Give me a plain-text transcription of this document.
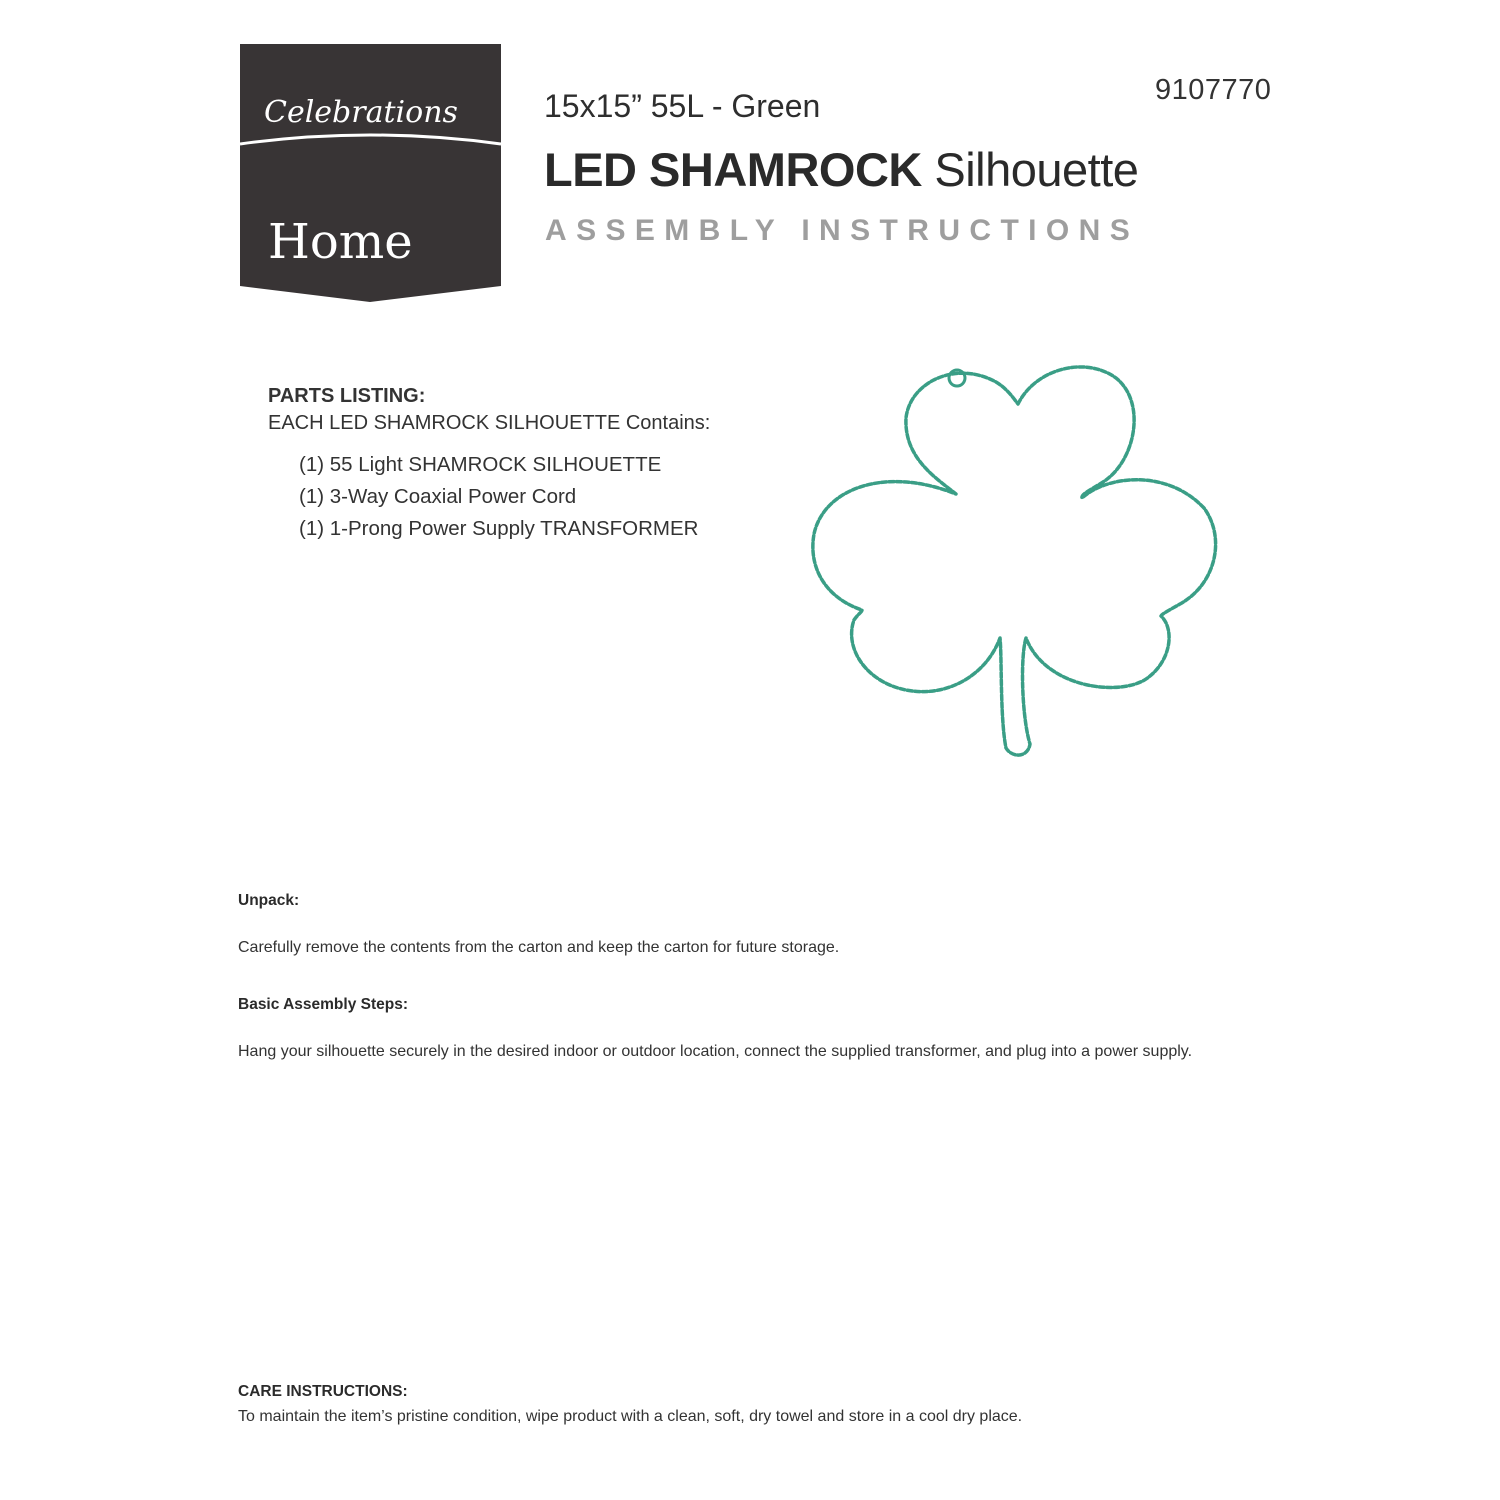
Celebrations
Home
9107770
15x15” 55L - Green
LED SHAMROCK Silhouette
ASSEMBLY INSTRUCTIONS
PARTS LISTING:
EACH LED SHAMROCK SILHOUETTE Contains:
(1) 55 Light SHAMROCK SILHOUETTE
(1) 3-Way Coaxial Power Cord
(1) 1-Prong Power Supply TRANSFORMER
Unpack:
Carefully remove the contents from the carton and keep the carton for future storage.
Basic Assembly Steps:
Hang your silhouette securely in the desired indoor or outdoor location, connect the supplied transformer, and plug into a power supply.
CARE INSTRUCTIONS:
To maintain the item’s pristine condition, wipe product with a clean, soft, dry towel and store in a cool dry place.
